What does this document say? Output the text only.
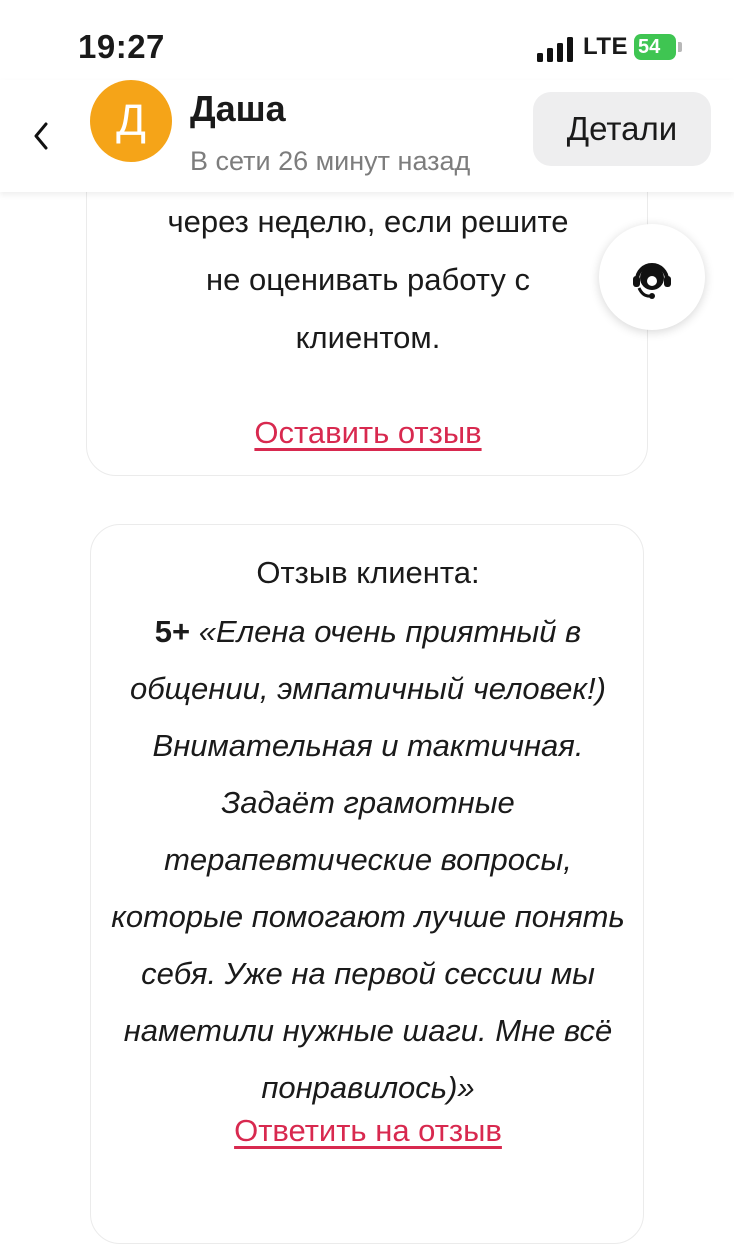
19:27	LTE 54
через неделю, если решите
не оценивать работу с
клиентом.
Оставить отзыв
Д	Даша
В сети 26 минут назад
Детали
Отзыв клиента:
5+ «Елена очень приятный в общении, эмпатичный человек!) Внимательная и тактичная. Задаёт грамотные терапевтические вопросы, которые помогают лучше понять себя. Уже на первой сессии мы наметили нужные шаги. Мне всё понравилось)»
Ответить на отзыв
